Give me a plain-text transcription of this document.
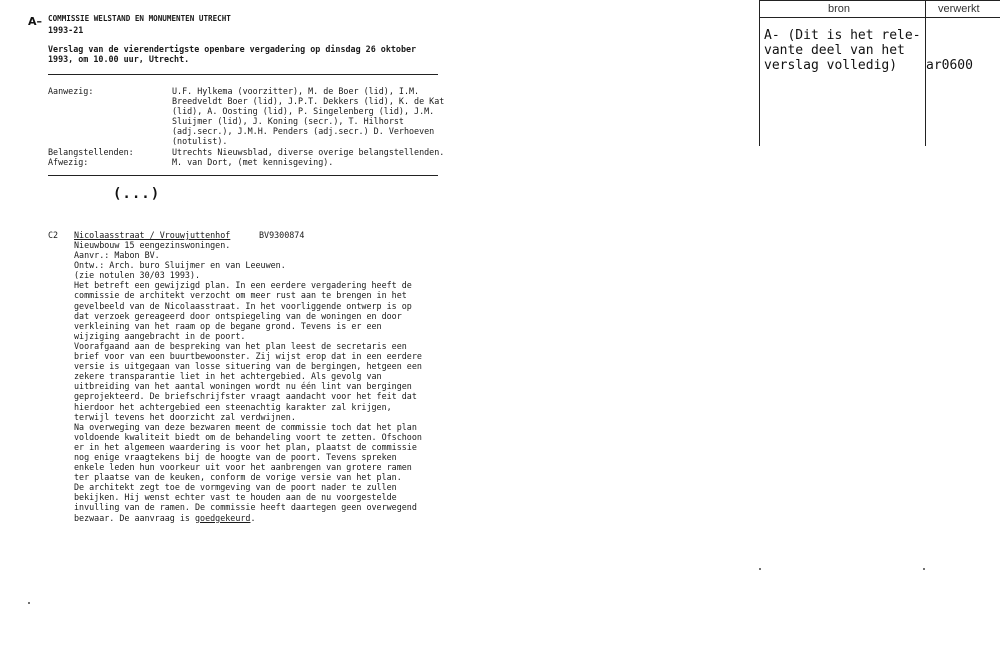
A– COMMISSIE WELSTAND EN MONUMENTEN UTRECHT
1993-21
Verslag van de vierendertigste openbare vergadering op dinsdag 26 oktober
1993, om 10.00 uur, Utrecht.
Aanwezig:	U.F. Hylkema (voorzitter), M. de Boer (lid), I.M.
Breedveldt Boer (lid), J.P.T. Dekkers (lid), K. de Kat
(lid), A. Oosting (lid), P. Singelenberg (lid), J.M.
Sluijmer (lid), J. Koning (secr.), T. Hilhorst
(adj.secr.), J.M.H. Penders (adj.secr.) D. Verhoeven
(notulist).
Belangstellenden:	Utrechts Nieuwsblad, diverse overige belangstellenden.
Afwezig:	M. van Dort, (met kennisgeving).
(...)
C2 Nicolaasstraat / Vrouwjuttenhof	BV9300874
Nieuwbouw 15 eengezinswoningen.
Aanvr.: Mabon BV.
Ontw.: Arch. buro Sluijmer en van Leeuwen.
(zie notulen 30/03 1993).
Het betreft een gewijzigd plan. In een eerdere vergadering heeft de
commissie de architekt verzocht om meer rust aan te brengen in het
gevelbeeld van de Nicolaasstraat. In het voorliggende ontwerp is op
dat verzoek gereageerd door ontspiegeling van de woningen en door
verkleining van het raam op de begane grond. Tevens is er een
wijziging aangebracht in de poort.
Voorafgaand aan de bespreking van het plan leest de secretaris een
brief voor van een buurtbewoonster. Zij wijst erop dat in een eerdere
versie is uitgegaan van losse situering van de bergingen, hetgeen een
zekere transparantie liet in het achtergebied. Als gevolg van
uitbreiding van het aantal woningen wordt nu één lint van bergingen
geprojekteerd. De briefschrijfster vraagt aandacht voor het feit dat
hierdoor het achtergebied een steenachtig karakter zal krijgen,
terwijl tevens het doorzicht zal verdwijnen.
Na overweging van deze bezwaren meent de commissie toch dat het plan
voldoende kwaliteit biedt om de behandeling voort te zetten. Ofschoon
er in het algemeen waardering is voor het plan, plaatst de commissie
nog enige vraagtekens bij de hoogte van de poort. Tevens spreken
enkele leden hun voorkeur uit voor het aanbrengen van grotere ramen
ter plaatse van de keuken, conform de vorige versie van het plan.
De architekt zegt toe de vormgeving van de poort nader te zullen
bekijken. Hij wenst echter vast te houden aan de nu voorgestelde
invulling van de ramen. De commissie heeft daartegen geen overwegend
bezwaar. De aanvraag is goedgekeurd.
bron	verwerkt
A- (Dit is het rele-
vante deel van het
verslag volledig)	ar0600
